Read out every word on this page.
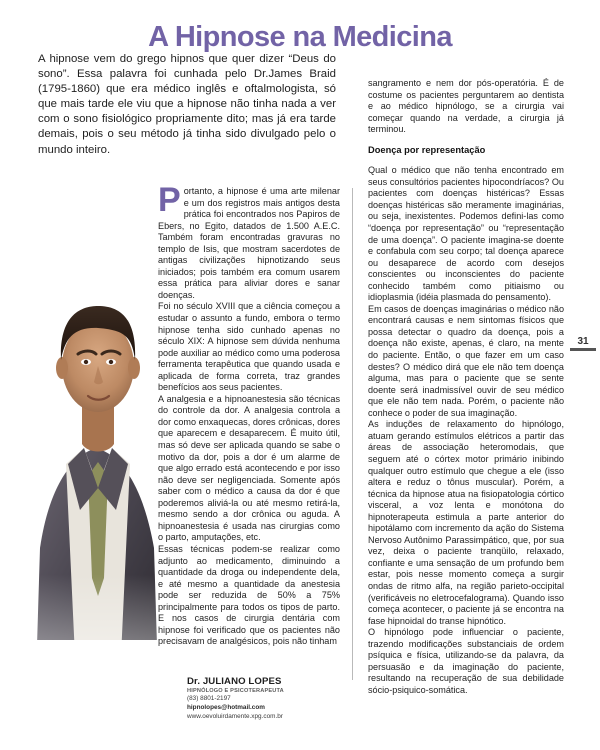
A Hipnose na Medicina
A hipnose vem do grego hipnos que quer dizer “Deus do sono”. Essa palavra foi cunhada pelo Dr.James Braid (1795-1860) que era médico inglês e oftalmologista, só que mais tarde ele viu que a hipnose não tinha nada a ver com o sono fisiológico propriamente dito; mas já era tarde demais, pois o seu método já tinha sido divulgado pelo o mundo inteiro.

Portanto, a hipnose é uma arte milenar e um dos registros mais antigos desta prática foi encontrados nos Papiros de Ebers, no Egito, datados de 1.500 A.E.C. Também foram encontradas gravuras no templo de Isis, que mostram sacerdotes de antigas civilizações hipnotizando seus iniciados; pois também era comum usarem essa prática para aliviar dores e sanar doenças.

Foi no século XVIII que a ciência começou a estudar o assunto a fundo, embora o termo hipnose tenha sido cunhado apenas no século XIX: A hipnose sem dúvida nenhuma pode auxiliar ao médico como uma poderosa ferramenta terapêutica que quando usada e aplicada de forma correta, traz grandes benefícios aos seus pacientes.

A analgesia e a hipnoanestesia são técnicas do controle da dor. A analgesia controla a dor como enxaquecas, dores crônicas, dores que aparecem e desaparecem. É muito útil, mas só deve ser aplicada quando se sabe o motivo da dor, pois a dor é um alarme de que algo errado está acontecendo e por isso não deve ser negligenciada. Somente após saber com o médico a causa da dor é que poderemos aliviá-la ou até mesmo retirá-la, mesmo sendo a dor crônica ou aguda. A hipnoanestesia é usada nas cirurgias como o parto, amputações, etc.

Essas técnicas podem-se realizar como adjunto ao medicamento, diminuindo a quantidade da droga ou independente dela, e até mesmo a quantidade da anestesia pode ser reduzida de 50% a 75% principalmente para todos os tipos de parto. E nos casos de cirurgia dentária com hipnose foi verificado que os pacientes não precisavam de analgésicos, pois não tinham

sangramento e nem dor pós-operatória. É de costume os pacientes perguntarem ao dentista e ao médico hipnólogo, se a cirurgia vai começar quando na verdade, a cirurgia já terminou.

Doença por representação

Qual o médico que não tenha encontrado em seus consultórios pacientes hipocondríacos? Ou pacientes com doenças histéricas? Essas doenças histéricas são meramente imaginárias, ou seja, inexistentes. Podemos defini-las como “doença por representação” ou “representação de uma doença”. O paciente imagina-se doente e confabula com seu corpo; tal doença aparece ou desaparece de acordo com desejos conscientes ou inconscientes do paciente conhecido também como pitiaismo ou idioplasmia (idéia plasmada do pensamento).

Em casos de doenças imaginárias o médico não encontrará causas e nem sintomas físicos que possa detectar o quadro da doença, pois a doença não existe, apenas, é claro, na mente do paciente. Então, o que fazer em um caso destes? O médico dirá que ele não tem doença alguma, mas para o paciente que se sente doente será inadmissível ouvir de seu médico que ele não tem nada. Porém, o paciente não conhece o poder de sua imaginação.

As induções de relaxamento do hipnólogo, atuam gerando estímulos elétricos a partir das áreas de associação heteromodais, que seguem até o córtex motor primário inibindo qualquer outro estímulo que chegue a ele (isso altera e reduz o tônus muscular). Porém, a técnica da hipnose atua na fisiopatologia córtico visceral, a voz lenta e monótona do hipnoterapeuta estimula a parte anterior do hipotálamo com incremento da ação do Sistema Nervoso Autônimo Parassimpático, que, por sua vez, deixa o paciente tranqüilo, relaxado, confiante e uma sensação de um profundo bem estar, pois nesse momento começa a surgir ondas de ritmo alfa, na região parieto-occipital (verificáveis no eletrocefalograma). Quando isso começa acontecer, o paciente já se encontra na fase hipnoidal do transe hipnótico.

O hipnólogo pode influenciar o paciente, trazendo modificações substanciais de ordem psíquica e física, utilizando-se da palavra, da persuasão e da imaginação do paciente, resultando na recuperação de sua debilidade sócio-psiquico-somática.

Dr. JULIANO LOPES
HIPNÓLOGO E PSICOTERAPEUTA
(83) 8801-2197
hipnolopes@hotmail.com
www.oevoluirdamente.xpg.com.br
31
